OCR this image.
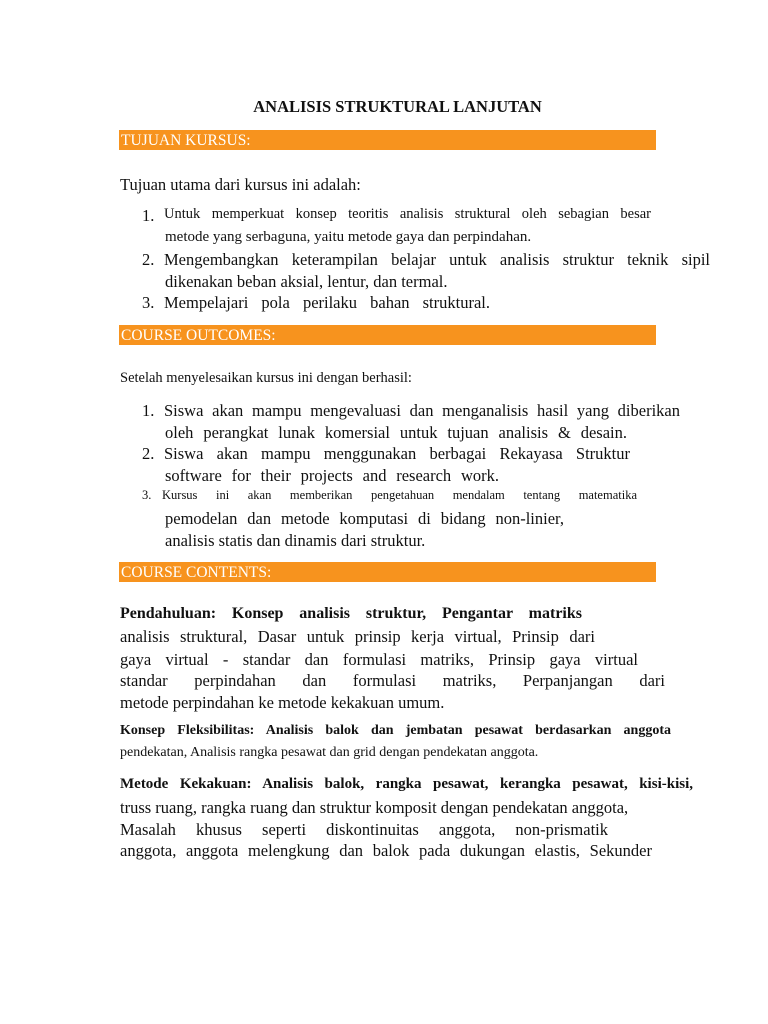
ANALISIS STRUKTURAL LANJUTAN
TUJUAN KURSUS:
Tujuan utama dari kursus ini adalah:
1. Untuk memperkuat konsep teoritis analisis struktural oleh sebagian besar
metode yang serbaguna, yaitu metode gaya dan perpindahan.
2. Mengembangkan keterampilan belajar untuk analisis struktur teknik sipil
dikenakan beban aksial, lentur, dan termal.
3. Mempelajari pola perilaku bahan struktural.
COURSE OUTCOMES:
Setelah menyelesaikan kursus ini dengan berhasil:
1. Siswa akan mampu mengevaluasi dan menganalisis hasil yang diberikan
oleh perangkat lunak komersial untuk tujuan analisis & desain.
2. Siswa akan mampu menggunakan berbagai Rekayasa Struktur
software for their projects and research work.
3. Kursus ini akan memberikan pengetahuan mendalam tentang matematika
pemodelan dan metode komputasi di bidang non-linier,
analisis statis dan dinamis dari struktur.
COURSE CONTENTS:
Pendahuluan: Konsep analisis struktur, Pengantar matriks
analisis struktural, Dasar untuk prinsip kerja virtual, Prinsip dari
gaya virtual - standar dan formulasi matriks, Prinsip gaya virtual
standar perpindahan dan formulasi matriks, Perpanjangan dari
metode perpindahan ke metode kekakuan umum.
Konsep Fleksibilitas: Analisis balok dan jembatan pesawat berdasarkan anggota
pendekatan, Analisis rangka pesawat dan grid dengan pendekatan anggota.
Metode Kekakuan: Analisis balok, rangka pesawat, kerangka pesawat, kisi-kisi,
truss ruang, rangka ruang dan struktur komposit dengan pendekatan anggota,
Masalah khusus seperti diskontinuitas anggota, non-prismatik
anggota, anggota melengkung dan balok pada dukungan elastis, Sekunder
